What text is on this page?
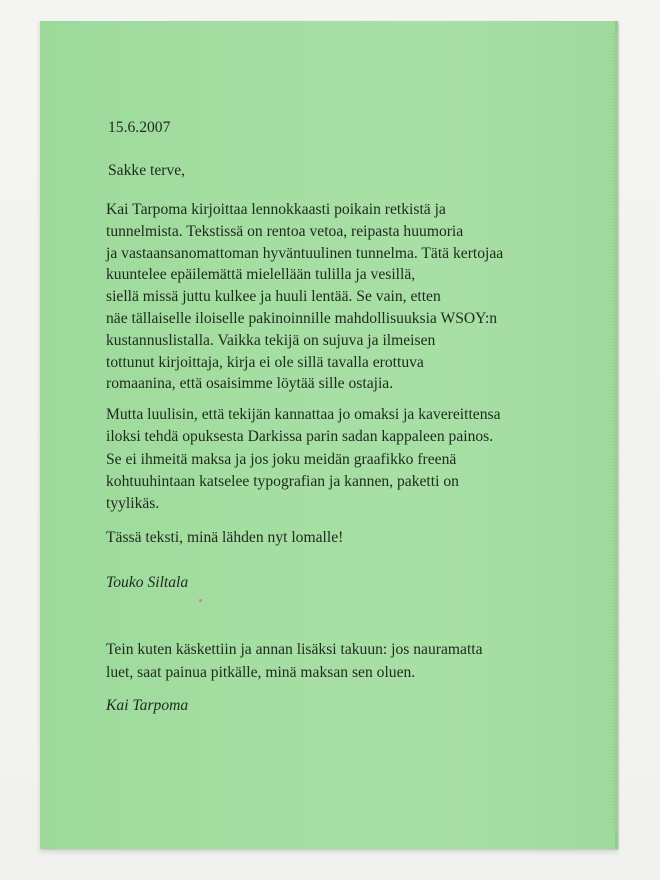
15.6.2007
Sakke terve,
Kai Tarpoma kirjoittaa lennokkaasti poikain retkistä ja
tunnelmista. Tekstissä on rentoa vetoa, reipasta huumoria
ja vastaansanomattoman hyväntuulinen tunnelma. Tätä kertojaa
kuuntelee epäilemättä mielellään tulilla ja vesillä,
siellä missä juttu kulkee ja huuli lentää. Se vain, etten
näe tällaiselle iloiselle pakinoinnille mahdollisuuksia WSOY:n
kustannuslistalla. Vaikka tekijä on sujuva ja ilmeisen
tottunut kirjoittaja, kirja ei ole sillä tavalla erottuva
romaanina, että osaisimme löytää sille ostajia.
Mutta luulisin, että tekijän kannattaa jo omaksi ja kavereittensa
iloksi tehdä opuksesta Darkissa parin sadan kappaleen painos.
Se ei ihmeitä maksa ja jos joku meidän graafikko freenä
kohtuuhintaan katselee typografian ja kannen, paketti on
tyylikäs.
Tässä teksti, minä lähden nyt lomalle!
Touko Siltala
Tein kuten käskettiin ja annan lisäksi takuun: jos nauramatta
luet, saat painua pitkälle, minä maksan sen oluen.
Kai Tarpoma
